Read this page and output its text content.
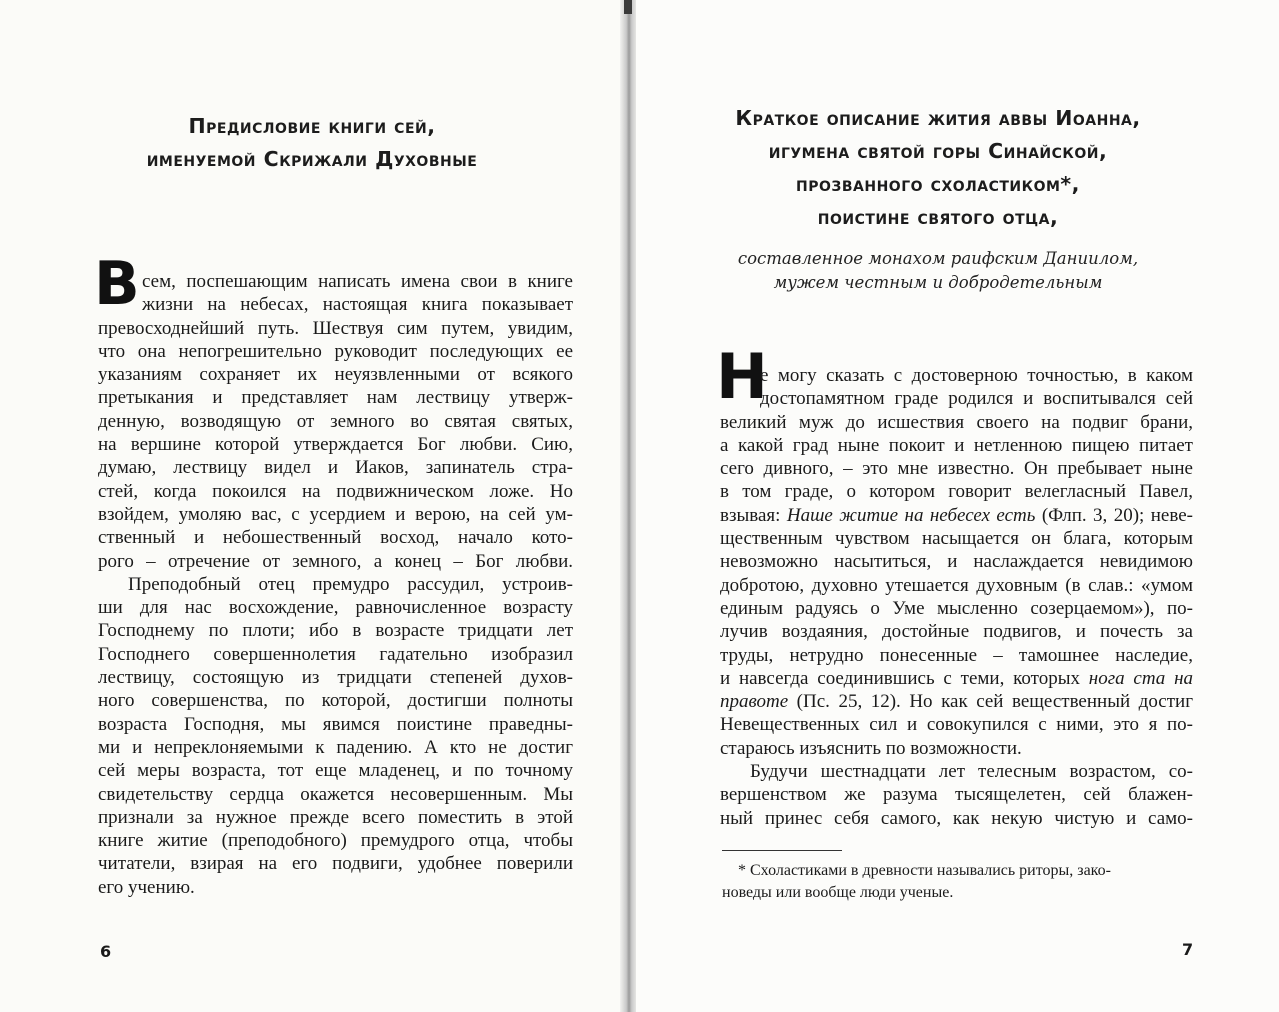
Предисловие книги сей,
именуемой Скрижали Духовные
В сем, поспешающим написать имена свои в книге
жизни на небесах, настоящая книга показывает
превосходнейший путь. Шествуя сим путем, увидим,
что она непогрешительно руководит последующих ее
указаниям сохраняет их неуязвленными от всякого
претыкания и представляет нам лествицу утверж-
денную, возводящую от земного во святая святых,
на вершине которой утверждается Бог любви. Сию,
думаю, лествицу видел и Иаков, запинатель стра-
стей, когда покоился на подвижническом ложе. Но
взойдем, умоляю вас, с усердием и верою, на сей ум-
ственный и небошественный восход, начало кото-
рого – отречение от земного, а конец – Бог любви.
Преподобный отец премудро рассудил, устроив-
ши для нас восхождение, равночисленное возрасту
Господнему по плоти; ибо в возрасте тридцати лет
Господнего совершеннолетия гадательно изобразил
лествицу, состоящую из тридцати степеней духов-
ного совершенства, по которой, достигши полноты
возраста Господня, мы явимся поистине праведны-
ми и непреклоняемыми к падению. А кто не достиг
сей меры возраста, тот еще младенец, и по точному
свидетельству сердца окажется несовершенным. Мы
признали за нужное прежде всего поместить в этой
книге житие (преподобного) премудрого отца, чтобы
читатели, взирая на его подвиги, удобнее поверили
его учению.
6
Краткое описание жития аввы Иоанна,
игумена святой горы Синайской,
прозванного схоластиком*,
поистине святого отца,
составленное монахом раифским Даниилом,
мужем честным и добродетельным
Н
е могу сказать с достоверною точностью, в каком
достопамятном граде родился и воспитывался сей
великий муж до исшествия своего на подвиг брани,
а какой град ныне покоит и нетленною пищею питает
сего дивного, – это мне известно. Он пребывает ныне
в том граде, о котором говорит велегласный Павел,
взывая: Наше житие на небесех есть (Флп. 3, 20); неве-
щественным чувством насыщается он блага, которым
невозможно насытиться, и наслаждается невидимою
добротою, духовно утешается духовным (в слав.: «умом
единым радуясь о Уме мысленно созерцаемом»), по-
лучив воздаяния, достойные подвигов, и почесть за
труды, нетрудно понесенные – тамошнее наследие,
и навсегда соединившись с теми, которых нога ста на
правоте (Пс. 25, 12). Но как сей вещественный достиг
Невещественных сил и совокупился с ними, это я по-
стараюсь изъяснить по возможности.
Будучи шестнадцати лет телесным возрастом, со-
вершенством же разума тысящелетен, сей блажен-
ный принес себя самого, как некую чистую и само-
* Схоластиками в древности назывались риторы, зако-
новеды или вообще люди ученые.
7
